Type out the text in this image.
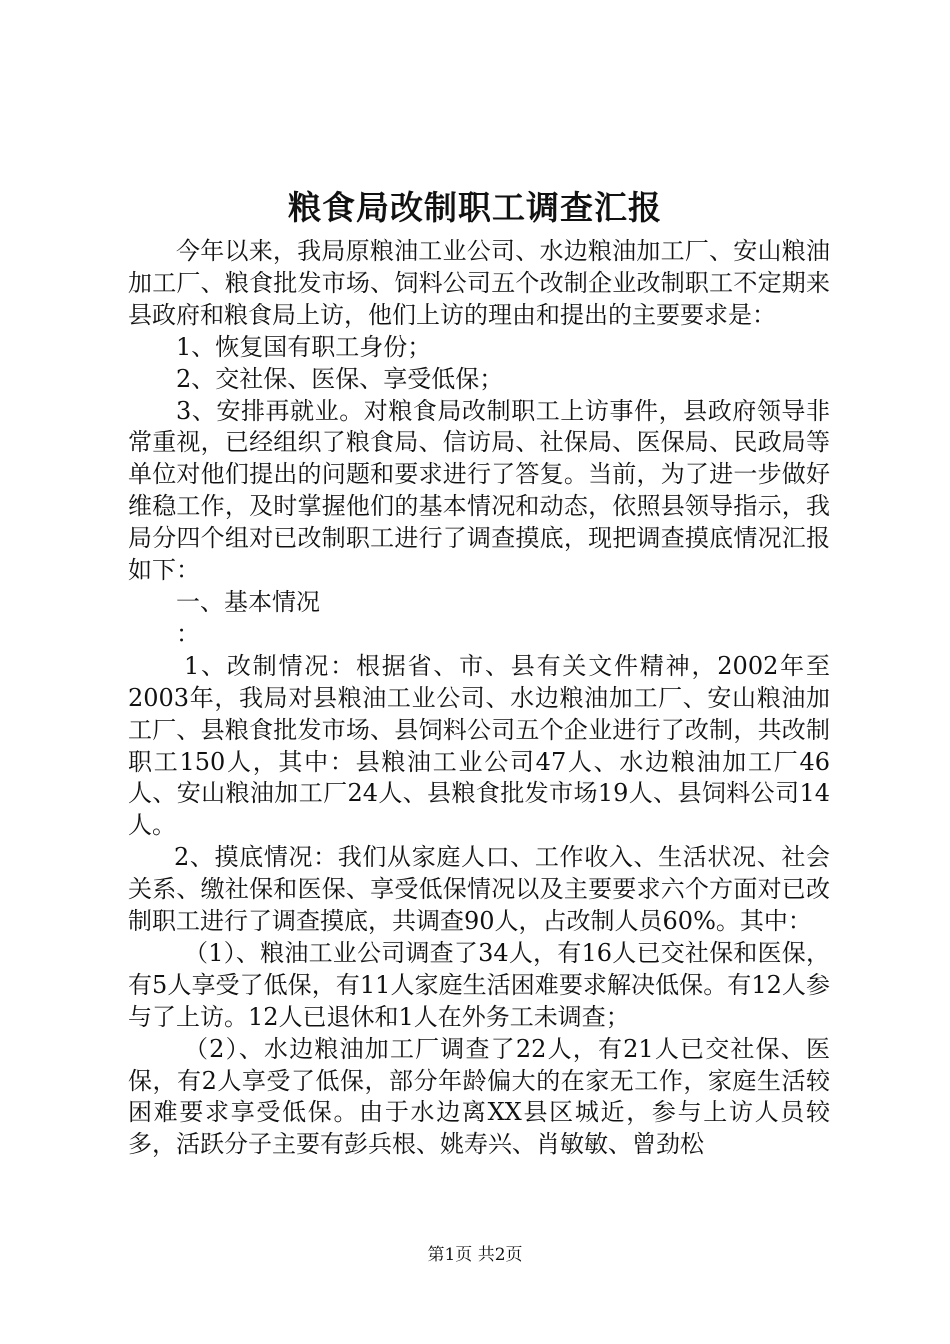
粮食局改制职工调查汇报

今年以来，我局原粮油工业公司、水边粮油加工厂、安山粮油加工厂、粮食批发市场、饲料公司五个改制企业改制职工不定期来县政府和粮食局上访，他们上访的理由和提出的主要要求是：

1、恢复国有职工身份；

2、交社保、医保、享受低保；

3、安排再就业。对粮食局改制职工上访事件，县政府领导非常重视，已经组织了粮食局、信访局、社保局、医保局、民政局等单位对他们提出的问题和要求进行了答复。当前，为了进一步做好维稳工作，及时掌握他们的基本情况和动态，依照县领导指示，我局分四个组对已改制职工进行了调查摸底，现把调查摸底情况汇报如下：

一、基本情况

：

1、改制情况：根据省、市、县有关文件精神，2002年至2003年，我局对县粮油工业公司、水边粮油加工厂、安山粮油加工厂、县粮食批发市场、县饲料公司五个企业进行了改制，共改制职工150人，其中：县粮油工业公司47人、水边粮油加工厂46人、安山粮油加工厂24人、县粮食批发市场19人、县饲料公司14人。

2、摸底情况：我们从家庭人口、工作收入、生活状况、社会关系、缴社保和医保、享受低保情况以及主要要求六个方面对已改制职工进行了调查摸底，共调查90人，占改制人员60%。其中：

（1）、粮油工业公司调查了34人，有16人已交社保和医保，有5人享受了低保，有11人家庭生活困难要求解决低保。有12人参与了上访。12人已退休和1人在外务工未调查；

（2）、水边粮油加工厂调查了22人，有21人已交社保、医保，有2人享受了低保，部分年龄偏大的在家无工作，家庭生活较困难要求享受低保。由于水边离XX县区城近，参与上访人员较多，活跃分子主要有彭兵根、姚寿兴、肖敏敏、曾劲松

第1页 共2页
